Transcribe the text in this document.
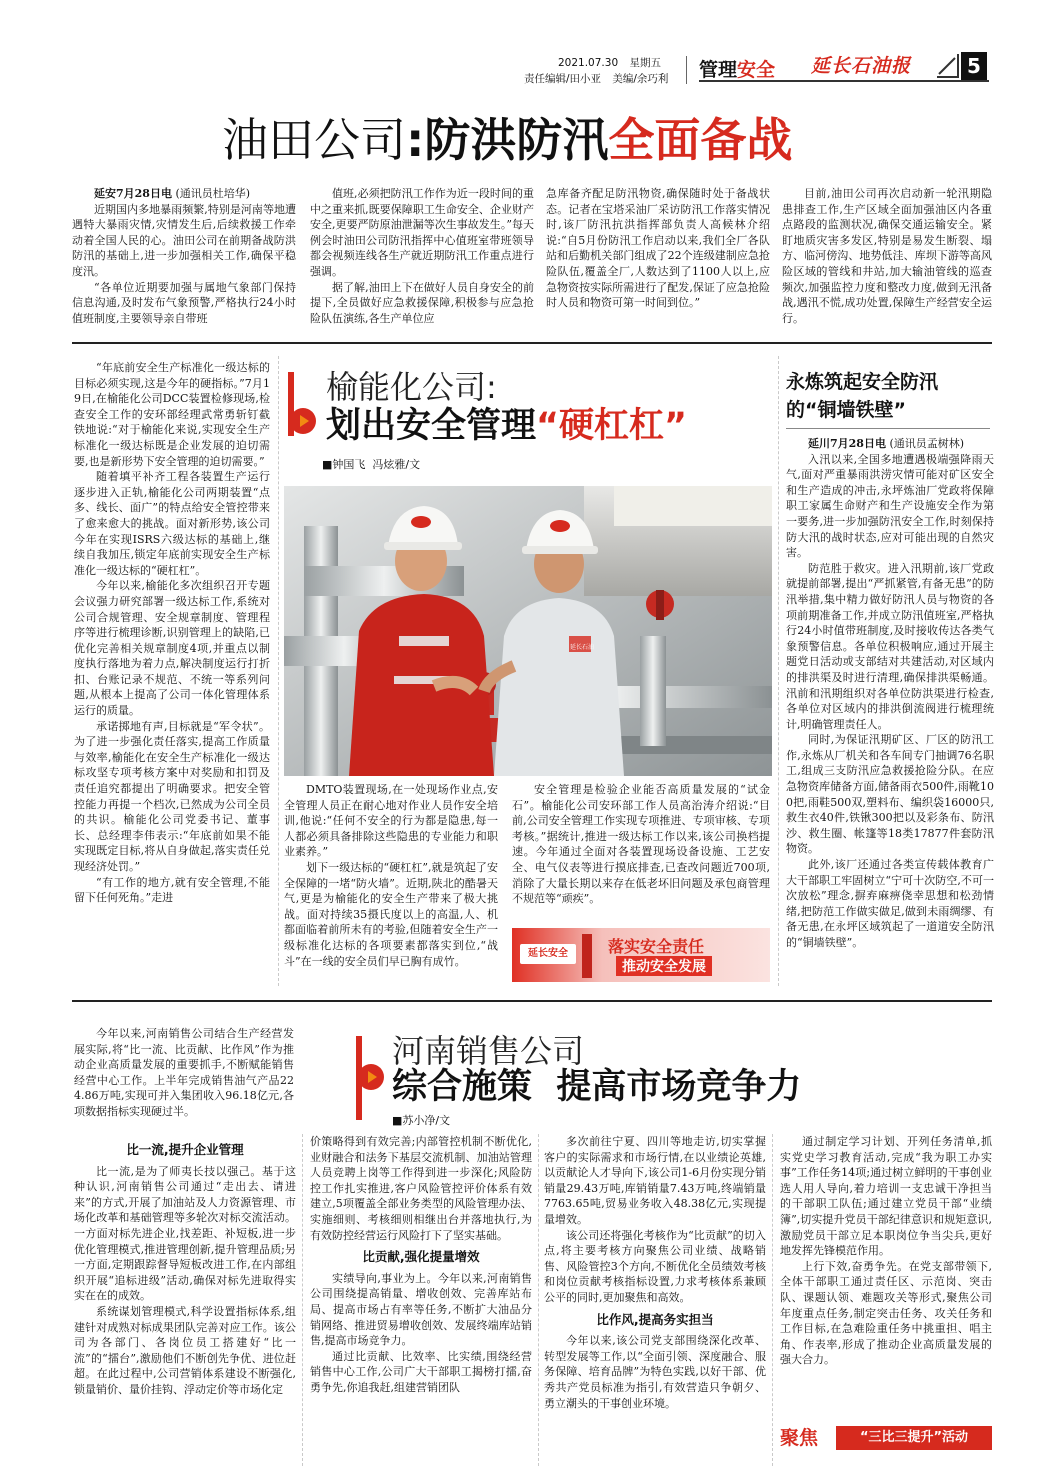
2021.07.30 星期五
责任编辑/田小亚 美编/余巧利 管理安全 延长石油报	5
油田公司:防洪防汛全面备战
延安7月28日电 (通讯员杜培华)

近期国内多地暴雨频繁,特别是河南等地遭遇特大暴雨灾情,灾情发生后,后续救援工作牵动着全国人民的心。油田公司在前期备战防洪防汛的基础上,进一步加强相关工作,确保平稳度汛。

“各单位近期要加强与属地气象部门保持信息沟通,及时发布气象预警,严格执行24小时值班制度,主要领导亲自带班

值班,必须把防汛工作作为近一段时间的重中之重来抓,既要保障职工生命安全、企业财产安全,更要严防原油泄漏等次生事故发生。”每天例会时油田公司防汛指挥中心值班室带班领导都会视频连线各生产就近期防汛工作重点进行强调。

据了解,油田上下在做好人员自身安全的前提下,全员做好应急救援保障,积极参与应急抢险队伍演练,各生产单位应

急库备齐配足防汛物资,确保随时处于备战状态。记者在宝塔采油厂采访防汛工作落实情况时,该厂防汛抗洪指挥部负责人高候林介绍说:“自5月份防汛工作启动以来,我们全厂各队站和后勤机关部门组成了22个连级建制应急抢险队伍,覆盖全厂,人数达到了1100人以上,应急物资按实际所需进行了配发,保证了应急抢险时人员和物资可第一时间到位。”
目前,油田公司再次启动新一轮汛期隐患排查工作,生产区域全面加强油区内各重点路段的监测状况,确保交通运输安全。紧盯地质灾害多发区,特别是易发生断裂、塌方、临河傍沟、地势低洼、库坝下游等高风险区域的管线和井站,加大输油管线的巡查频次,加强监控力度和整改力度,做到无汛备战,遇汛不慌,成功处置,保障生产经营安全运行。

“年底前安全生产标准化一级达标的目标必须实现,这是今年的硬指标。”7月19日,在榆能化公司DCC装置检修现场,检查安全工作的安环部经理武常勇斩钉截铁地说:“对于榆能化来说,实现安全生产标准化一级达标既是企业发展的迫切需要,也是新形势下安全管理的迫切需要。”

随着填平补齐工程各装置生产运行逐步进入正轨,榆能化公司两期装置“点多、线长、面广”的特点给安全管控带来了愈来愈大的挑战。面对新形势,该公司今年在实现ISRS六级达标的基础上,继续自我加压,锁定年底前实现安全生产标准化一级达标的“硬杠杠”。

今年以来,榆能化多次组织召开专题会议强力研究部署一级达标工作,系统对公司合规管理、安全规章制度、管理程序等进行梳理诊断,识别管理上的缺陷,已优化完善相关规章制度4项,并重点以制度执行落地为着力点,解决制度运行打折扣、台账记录不规范、不统一等系列问题,从根本上提高了公司一体化管理体系运行的质量。

承诺掷地有声,目标就是“军令状”。为了进一步强化责任落实,提高工作质量与效率,榆能化在安全生产标准化一级达标攻坚专项考核方案中对奖励和扣罚及责任追究都提出了明确要求。把安全管控能力再提一个档次,已然成为公司全员的共识。榆能化公司党委书记、董事长、总经理李伟表示:“年底前如果不能实现既定目标,将从自身做起,落实责任兑现经济处罚。”

“有工作的地方,就有安全管理,不能留下任何死角。”走进

榆能化公司:
划出安全管理“硬杠杠”
■钟国飞  冯炫雅/文
延长石油

DMTO装置现场,在一处现场作业点,安全管理人员正在耐心地对作业人员作安全培训,他说:“任何不安全的行为都是隐患,每一人都必须具备排除这些隐患的专业能力和职业素养。”

划下一级达标的“硬杠杠”,就是筑起了安全保障的一堵“防火墙”。近期,陕北的酷暑天气,更是为榆能化的安全生产带来了极大挑战。面对持续35摄氏度以上的高温,人、机都面临着前所未有的考验,但随着安全生产一级标准化达标的各项要素都落实到位,“战斗”在一线的安全员们早已胸有成竹。

安全管理是检验企业能否高质量发展的“试金石”。榆能化公司安环部工作人员高治涛介绍说:“目前,公司安全管理工作实现专项推进、专项审核、专项考核。”据统计,推进一级达标工作以来,该公司换档提速。今年通过全面对各装置现场设备设施、工艺安全、电气仪表等进行摸底排查,已查改问题近700项,消除了大量长期以来存在低老坏旧问题及承包商管理不规范等“顽疾”。
延长安全	落实安全责任
推动安全发展
永炼筑起安全防汛的“铜墙铁壁”
延川7月28日电 (通讯员孟树林)

入汛以来,全国多地遭遇极端强降雨天气,面对严重暴雨洪涝灾情可能对矿区安全和生产造成的冲击,永坪炼油厂党政将保障职工家属生命财产和生产设施安全作为第一要务,进一步加强防汛安全工作,时刻保持防大汛的战时状态,应对可能出现的自然灾害。

防范胜于救灾。进入汛期前,该厂党政就提前部署,提出“严抓紧管,有备无患”的防汛举措,集中精力做好防汛人员与物资的各项前期准备工作,并成立防汛值班室,严格执行24小时值带班制度,及时接收传达各类气象预警信息。各单位积极响应,通过开展主题党日活动或支部结对共建活动,对区域内的排洪渠及时进行清理,确保排洪渠畅通。汛前和汛期组织对各单位防洪渠进行检查,各单位对区域内的排洪倒流阀进行梳理统计,明确管理责任人。

同时,为保证汛期矿区、厂区的防汛工作,永炼从厂机关和各车间专门抽调76名职工,组成三支防汛应急救援抢险分队。在应急物资库储备方面,储备雨衣500件,雨靴100把,雨鞋500双,塑料布、编织袋16000只,救生衣40件,铁锹300把以及彩条布、防汛沙、救生圈、帐篷等18类17877件套防汛物资。

此外,该厂还通过各类宣传载体教育广大干部职工牢固树立“宁可十次防空,不可一次放松”理念,摒弃麻痹侥幸思想和松劲情绪,把防范工作做实做足,做到未雨绸缪、有备无患,在永坪区域筑起了一道道安全防汛的“铜墙铁壁”。

今年以来,河南销售公司结合生产经营发展实际,将“比一流、比贡献、比作风”作为推动企业高质量发展的重要抓手,不断赋能销售经营中心工作。上半年完成销售油气产品224.86万吨,实现可并入集团收入96.18亿元,各项数据指标实现硬过半。
河南销售公司
综合施策  提高市场竞争力
■苏小净/文
比一流,提升企业管理

比一流,是为了师夷长技以强己。基于这种认识,河南销售公司通过“走出去、请进来”的方式,开展了加油站及人力资源管理、市场化改革和基础管理等多轮次对标交流活动。一方面对标先进企业,找差距、补短板,进一步优化管理模式,推进管理创新,提升管理品质;另一方面,定期跟踪督导短板改进工作,在内部组织开展“追标进级”活动,确保对标先进取得实实在在的成效。

系统谋划管理模式,科学设置指标体系,组建针对成熟对标成果团队完善对应工作。该公司为各部门、各岗位员工搭建好“比一流”的“擂台”,激励他们不断创先争优、进位赶超。在此过程中,公司营销体系建设不断强化,锁量销价、量价挂钩、浮动定价等市场化定

价策略得到有效完善;内部管控机制不断优化,业财融合和法务下基层交流机制、加油站管理人员竞聘上岗等工作得到进一步深化;风险防控工作扎实推进,客户风险管控评价体系有效建立,5项覆盖全部业务类型的风险管理办法、实施细则、考核细则相继出台并落地执行,为有效防控经营运行风险打下了坚实基础。
比贡献,强化提量增效

实绩导向,事业为上。今年以来,河南销售公司围绕提高销量、增收创效、完善库站布局、提高市场占有率等任务,不断扩大油品分销网络、推进贸易增收创效、发展终端库站销售,提高市场竞争力。

通过比贡献、比效率、比实绩,围绕经营销售中心工作,公司广大干部职工揭榜打擂,奋勇争先,你追我赶,组建营销团队

多次前往宁夏、四川等地走访,切实掌握客户的实际需求和市场行情,在以业绩论英雄,以贡献论人才导向下,该公司1-6月份实现分销销量29.43万吨,库销销量7.43万吨,终端销量7763.65吨,贸易业务收入48.38亿元,实现提量增效。

该公司还将强化考核作为“比贡献”的切入点,将主要考核方向聚焦公司业绩、战略销售、风险管控3个方向,不断优化全员绩效考核和岗位贡献考核指标设置,力求考核体系兼顾公平的同时,更加聚焦和高效。

比作风,提高务实担当
今年以来,该公司党支部围绕深化改革、转型发展等工作,以“全面引领、深度融合、服务保障、培育品牌”为特色实践,以好干部、优秀共产党员标准为指引,有效营造只争朝夕、勇立潮头的干事创业环境。

通过制定学习计划、开列任务清单,抓实党史学习教育活动,完成“我为职工办实事”工作任务14项;通过树立鲜明的干事创业选人用人导向,着力培训一支忠诚干净担当的干部职工队伍;通过建立党员干部“业绩簿”,切实提升党员干部纪律意识和规矩意识,激励党员干部立足本职岗位争当尖兵,更好地发挥先锋模范作用。

上行下效,奋勇争先。在党支部带领下,全体干部职工通过责任区、示范岗、突击队、课题认领、难题攻关等形式,聚焦公司年度重点任务,制定突击任务、攻关任务和工作目标,在急难险重任务中挑重担、唱主角、作表率,形成了推动企业高质量发展的强大合力。

聚焦	“三比三提升”活动
